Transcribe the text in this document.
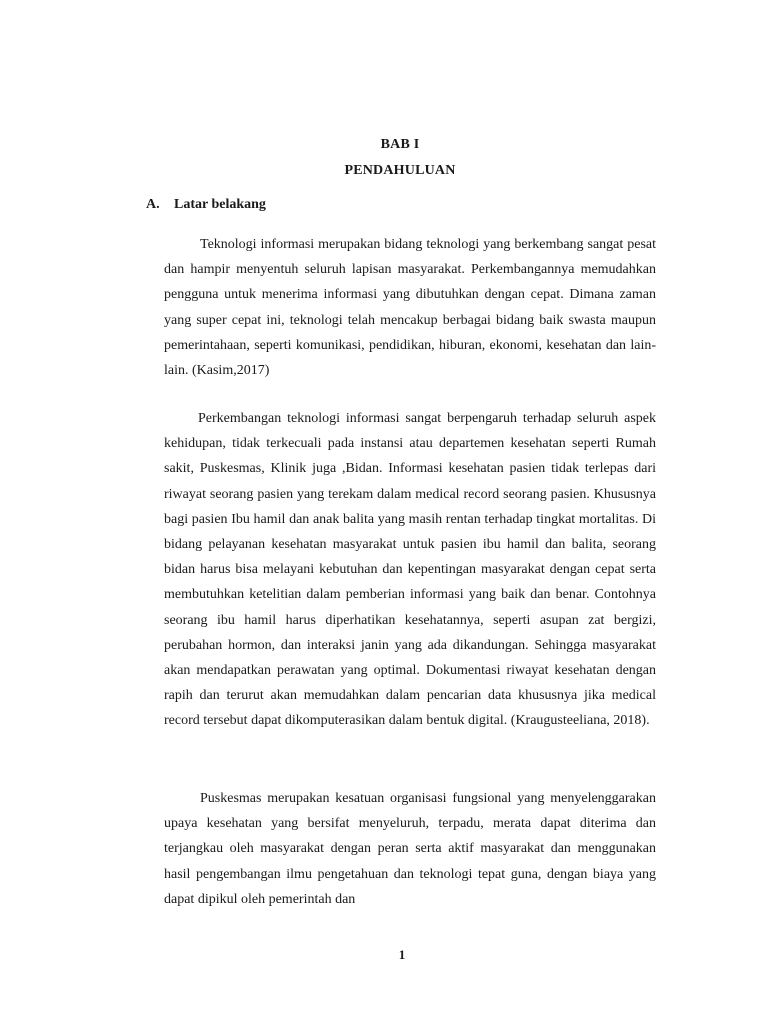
BAB I
PENDAHULUAN
A. Latar belakang

Teknologi informasi merupakan bidang teknologi yang berkembang sangat pesat dan hampir menyentuh seluruh lapisan masyarakat. Perkembangannya memudahkan pengguna untuk menerima informasi yang dibutuhkan dengan cepat. Dimana zaman yang super cepat ini, teknologi telah mencakup berbagai bidang baik swasta maupun pemerintahaan, seperti komunikasi, pendidikan, hiburan, ekonomi, kesehatan dan lain-lain. (Kasim,2017)

Perkembangan teknologi informasi sangat berpengaruh terhadap seluruh aspek kehidupan, tidak terkecuali pada instansi atau departemen kesehatan seperti Rumah sakit, Puskesmas, Klinik juga ,Bidan. Informasi kesehatan pasien tidak terlepas dari riwayat seorang pasien yang terekam dalam medical record seorang pasien. Khususnya bagi pasien Ibu hamil dan anak balita yang masih rentan terhadap tingkat mortalitas. Di bidang pelayanan kesehatan masyarakat untuk pasien ibu hamil dan balita, seorang bidan harus bisa melayani kebutuhan dan kepentingan masyarakat dengan cepat serta membutuhkan ketelitian dalam pemberian informasi yang baik dan benar. Contohnya seorang ibu hamil harus diperhatikan kesehatannya, seperti asupan zat bergizi, perubahan hormon, dan interaksi janin yang ada dikandungan. Sehingga masyarakat akan mendapatkan perawatan yang optimal. Dokumentasi riwayat kesehatan dengan rapih dan terurut akan memudahkan dalam pencarian data khususnya jika medical record tersebut dapat dikomputerasikan dalam bentuk digital. (Kraugusteeliana, 2018).

Puskesmas merupakan kesatuan organisasi fungsional yang menyelenggarakan upaya kesehatan yang bersifat menyeluruh, terpadu, merata dapat diterima dan terjangkau oleh masyarakat dengan peran serta aktif masyarakat dan menggunakan hasil pengembangan ilmu pengetahuan dan teknologi tepat guna, dengan biaya yang dapat dipikul oleh pemerintah dan

1
